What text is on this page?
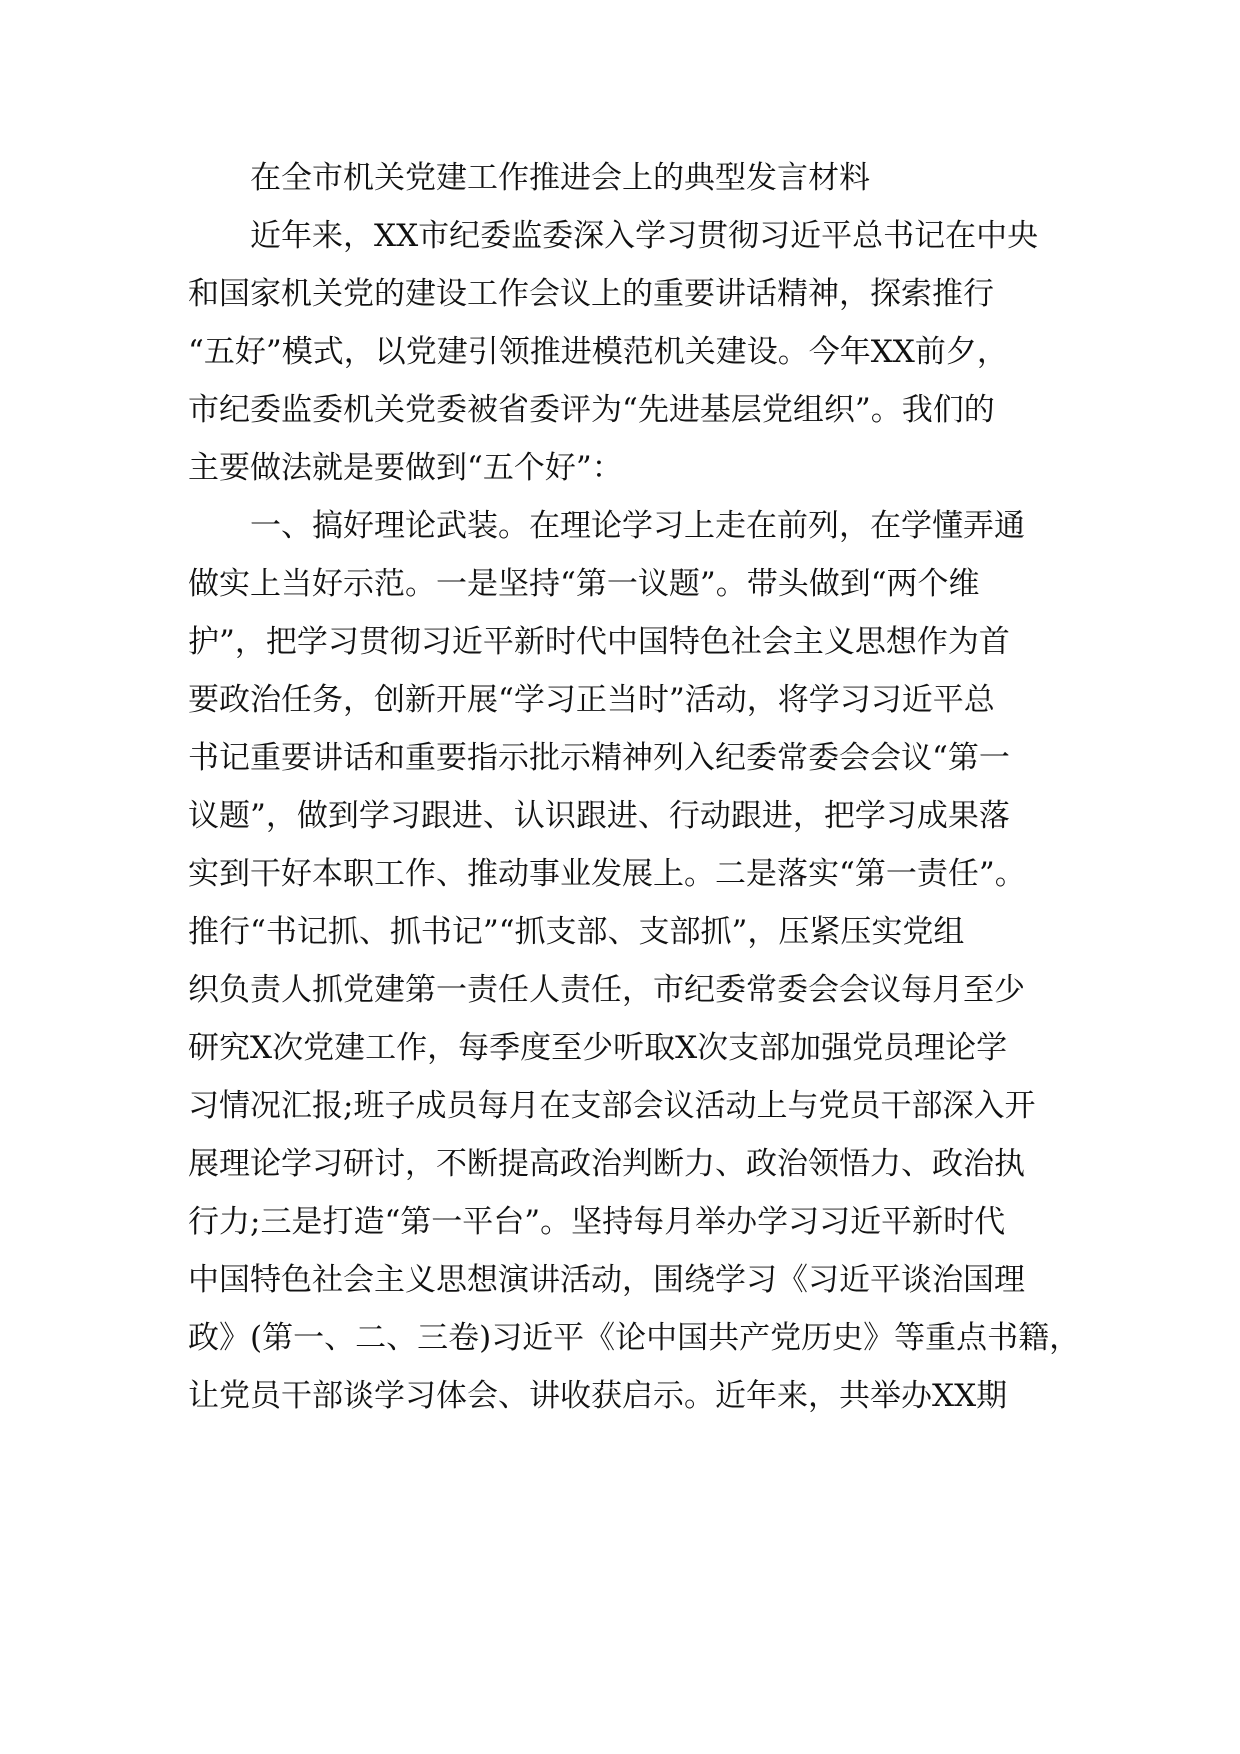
在全市机关党建工作推进会上的典型发言材料
近年来，XX市纪委监委深入学习贯彻习近平总书记在中央
和国家机关党的建设工作会议上的重要讲话精神，探索推行
“五好”模式，以党建引领推进模范机关建设。今年XX前夕，
市纪委监委机关党委被省委评为“先进基层党组织”。我们的
主要做法就是要做到“五个好”：
一、搞好理论武装。在理论学习上走在前列，在学懂弄通
做实上当好示范。一是坚持“第一议题”。带头做到“两个维
护”，把学习贯彻习近平新时代中国特色社会主义思想作为首
要政治任务，创新开展“学习正当时”活动，将学习习近平总
书记重要讲话和重要指示批示精神列入纪委常委会会议“第一
议题”，做到学习跟进、认识跟进、行动跟进，把学习成果落
实到干好本职工作、推动事业发展上。二是落实“第一责任”。
推行“书记抓、抓书记”“抓支部、支部抓”，压紧压实党组
织负责人抓党建第一责任人责任，市纪委常委会会议每月至少
研究X次党建工作，每季度至少听取X次支部加强党员理论学
习情况汇报;班子成员每月在支部会议活动上与党员干部深入开
展理论学习研讨，不断提高政治判断力、政治领悟力、政治执
行力;三是打造“第一平台”。坚持每月举办学习习近平新时代
中国特色社会主义思想演讲活动，围绕学习《习近平谈治国理
政》(第一、二、三卷)习近平《论中国共产党历史》等重点书籍，
让党员干部谈学习体会、讲收获启示。近年来，共举办XX期
